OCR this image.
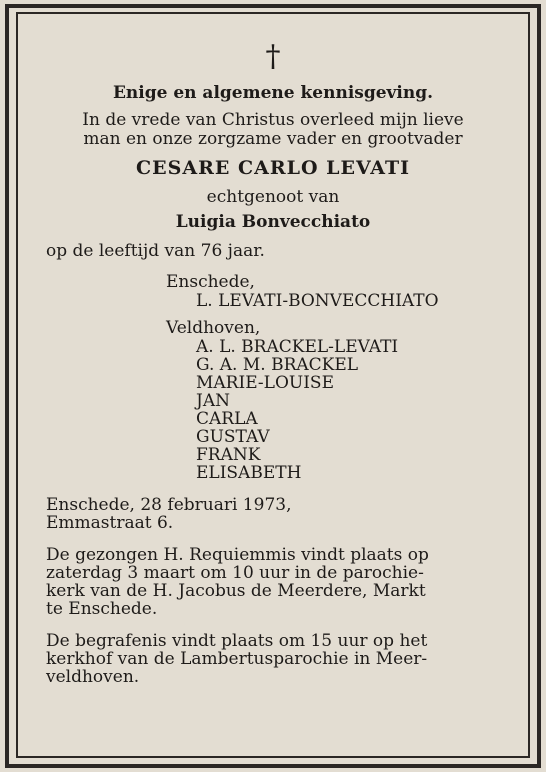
†
Enige en algemene kennisgeving.
In de vrede van Christus overleed mijn lieve
man en onze zorgzame vader en grootvader
CESARE CARLO LEVATI
echtgenoot van
Luigia Bonvecchiato
op de leeftijd van 76 jaar.
Enschede,
L. LEVATI-BONVECCHIATO
Veldhoven,
A. L. BRACKEL-LEVATI
G. A. M. BRACKEL
MARIE-LOUISE
JAN
CARLA
GUSTAV
FRANK
ELISABETH
Enschede, 28 februari 1973,
Emmastraat 6.
De gezongen H. Requiemmis vindt plaats op
zaterdag 3 maart om 10 uur in de parochie-
kerk van de H. Jacobus de Meerdere, Markt
te Enschede.
De begrafenis vindt plaats om 15 uur op het
kerkhof van de Lambertusparochie in Meer-
veldhoven.
